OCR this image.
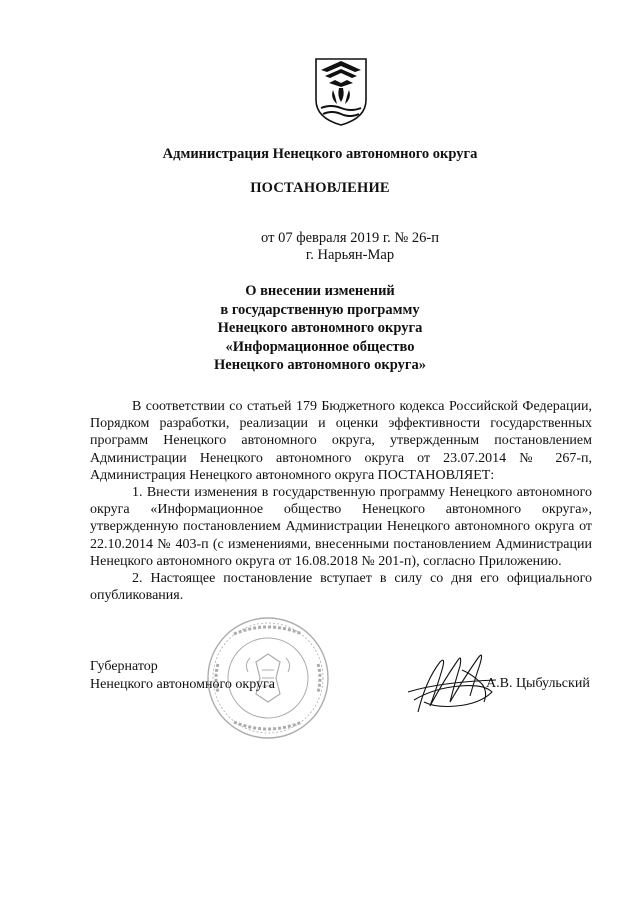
Администрация Ненецкого автономного округа
ПОСТАНОВЛЕНИЕ
от 07 февраля 2019 г. № 26-п
г. Нарьян-Мар
О внесении изменений
в государственную программу
Ненецкого автономного округа
«Информационное общество
Ненецкого автономного округа»

В соответствии со статьей 179 Бюджетного кодекса Российской Федерации, Порядком разработки, реализации и оценки эффективности государственных программ Ненецкого автономного округа, утвержденным постановлением Администрации Ненецкого автономного округа от 23.07.2014 № 267-п, Администрация Ненецкого автономного округа ПОСТАНОВЛЯЕТ:

1. Внести изменения в государственную программу Ненецкого автономного округа «Информационное общество Ненецкого автономного округа», утвержденную постановлением Администрации Ненецкого автономного округа от 22.10.2014 № 403-п (с изменениями, внесенными постановлением Администрации Ненецкого автономного округа от 16.08.2018 № 201-п), согласно Приложению.

2. Настоящее постановление вступает в силу со дня его официального опубликования.

Губернатор
Ненецкого автономного округа	А.В. Цыбульский
